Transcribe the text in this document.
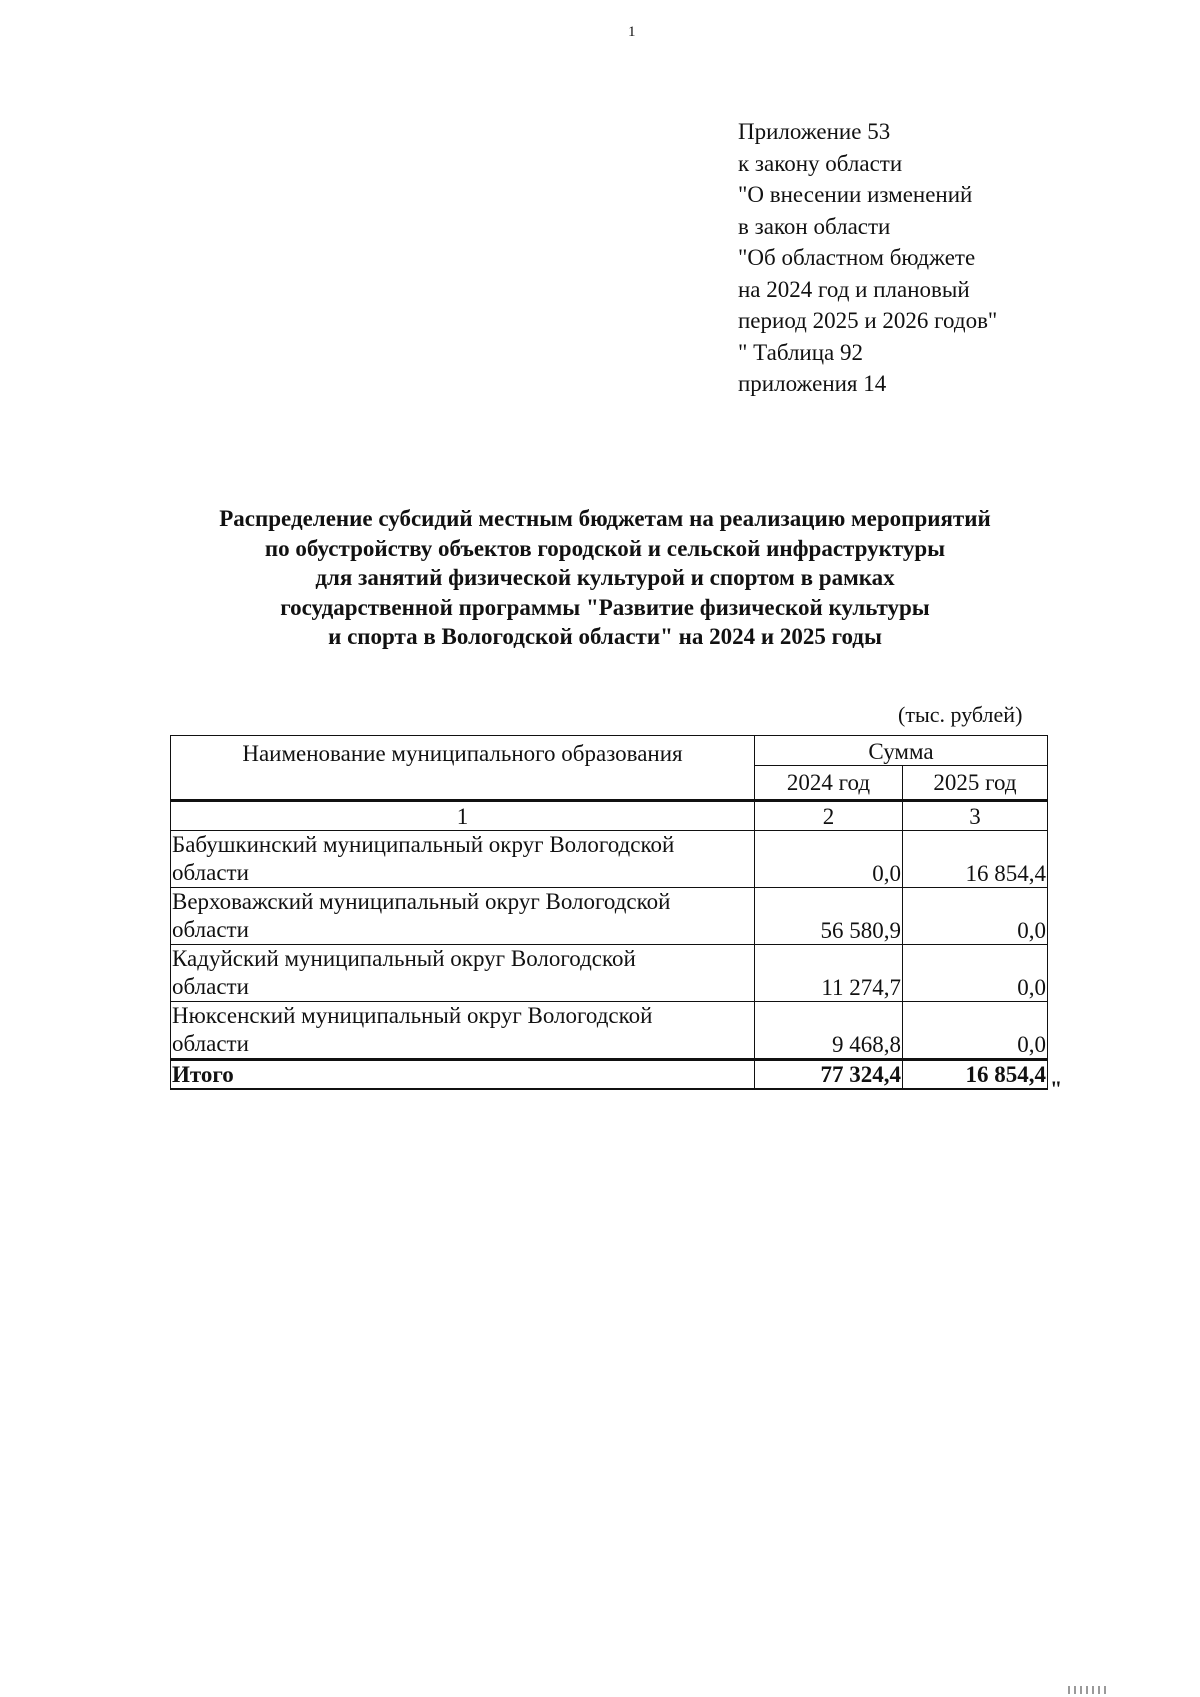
1
Приложение 53
к закону области
"О внесении изменений
в закон области
"Об областном бюджете
на 2024 год и плановый
период 2025 и 2026 годов"
" Таблица 92
приложения 14
Распределение субсидий местным бюджетам на реализацию мероприятий
по обустройству объектов городской и сельской инфраструктуры
для занятий физической культурой и спортом в рамках
государственной программы "Развитие физической культуры
и спорта в Вологодской области" на 2024 и 2025 годы
(тыс. рублей)
Наименование муниципального образования	Сумма	
	2024 год	2025 год
1	2	3
Бабушкинский муниципальный округ Вологодской
области	0,0	16 854,4
Верховажский муниципальный округ Вологодской
области	56 580,9	0,0
Кадуйский муниципальный округ Вологодской
области	11 274,7	0,0
Нюксенский муниципальный округ Вологодской
области	9 468,8	0,0
Итого	77 324,4	16 854,4
"
